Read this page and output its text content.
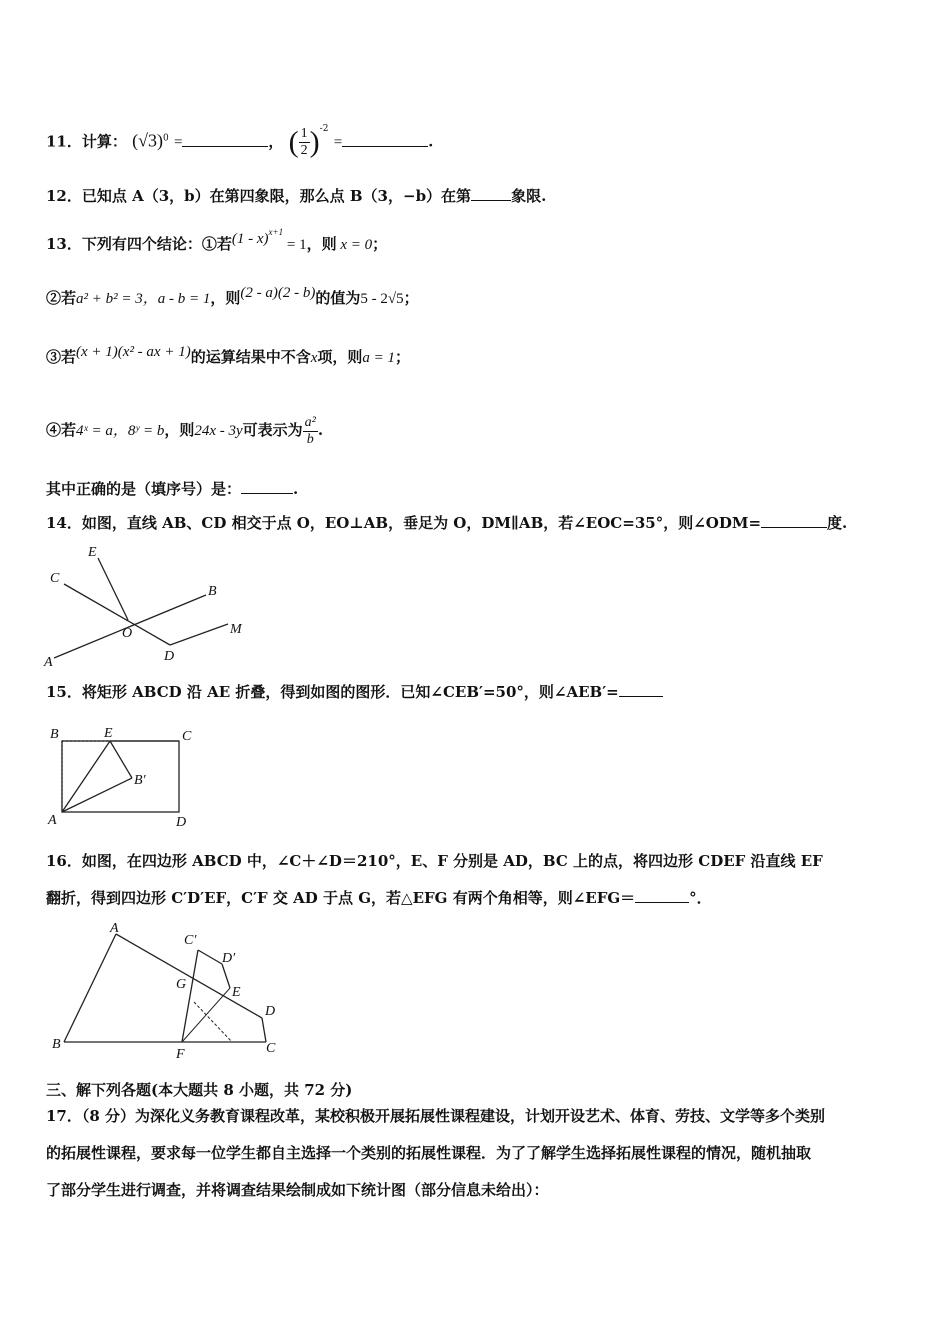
11．计算： $(√3)^0$ =	， ( $\frac{1}{2} )^{-2}$ =	.
12．已知点 A（3，b）在第四象限，那么点 B（3，−b）在第	象限.
13．下列有四个结论：①若(1 - x)$^{x+1}$ = 1，则 x = 0；
②若a² + b² = 3，a - b = 1，则(2 - a)(2 - b)的值为5 - 2√5；
③若(x + 1)(x² - ax + 1)的运算结果中不含x项，则a = 1；
④若4ˣ = a，8ʸ = b，则24x - 3y可表示为 $\frac{\text{a²}}{b}$ .
其中正确的是（填序号）是：	.
14．如图，直线 AB、CD 相交于点 O，EO⊥AB，垂足为 O，DM∥AB，若∠EOC=35°，则∠ODM=	度.
E
C
B
O	M
A	D
15．将矩形 ABCD 沿 AE 折叠，得到如图的图形．已知∠CEB′=50°，则∠AEB′=
B	E	C
B′
A	D
16．如图，在四边形 ABCD 中，∠C＋∠D＝210°，E、F 分别是 AD，BC 上的点，将四边形 CDEF 沿直线 EF
翻折，得到四边形 C′D′EF，C′F 交 AD 于点 G，若△EFG 有两个角相等，则∠EFG＝	°．
A
C′
D′
G
E
D
B
F	C
三、解下列各题(本大题共 8 小题，共 72 分)
17．（8 分）为深化义务教育课程改革，某校积极开展拓展性课程建设，计划开设艺术、体育、劳技、文学等多个类别
的拓展性课程，要求每一位学生都自主选择一个类别的拓展性课程．为了了解学生选择拓展性课程的情况，随机抽取
了部分学生进行调查，并将调查结果绘制成如下统计图（部分信息未给出）：
